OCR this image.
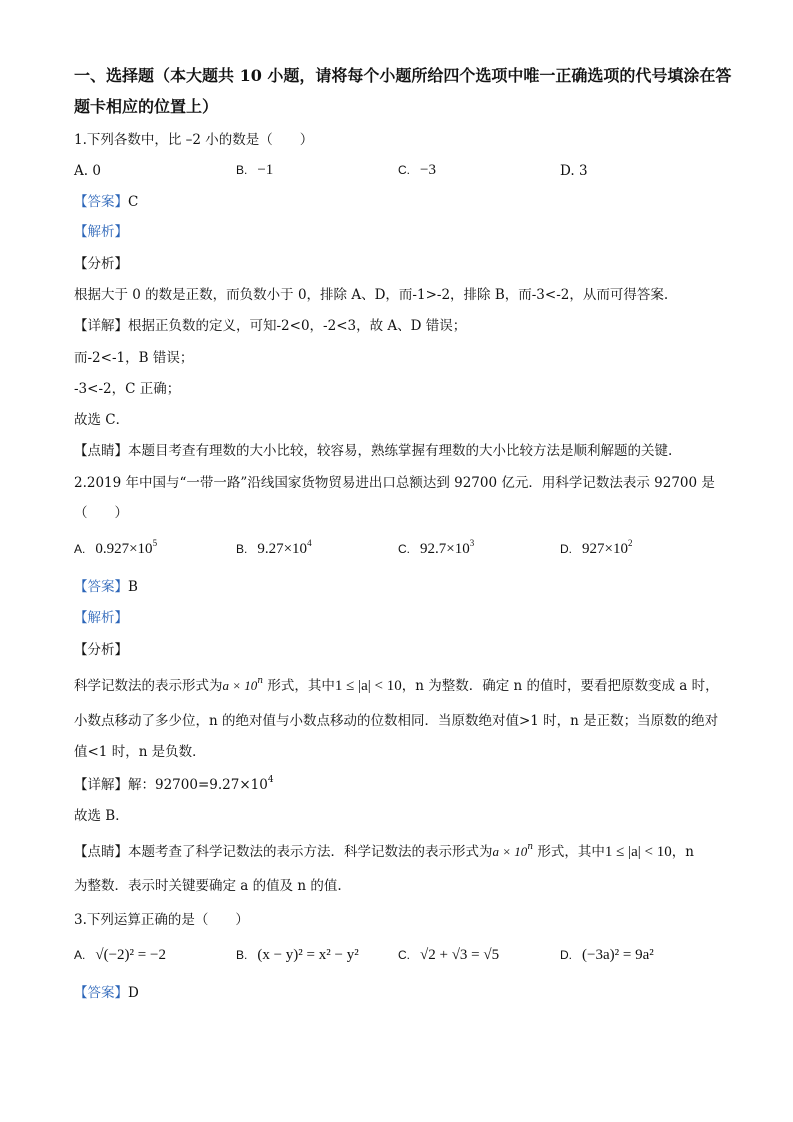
一、选择题（本大题共 10 小题，请将每个小题所给四个选项中唯一正确选项的代号填涂在答
题卡相应的位置上）
1.下列各数中，比 –2 小的数是（　　）
A. 0	B. −1	C. −3	D. 3
【答案】C
【解析】
【分析】
根据大于 0 的数是正数，而负数小于 0，排除 A、D，而-1>-2，排除 B，而-3<-2，从而可得答案.
【详解】根据正负数的定义，可知-2<0，-2<3，故 A、D 错误；
而-2<-1，B 错误；
-3<-2，C 正确；
故选 C．
【点睛】本题目考查有理数的大小比较，较容易，熟练掌握有理数的大小比较方法是顺利解题的关键.
2.2019 年中国与“一带一路”沿线国家货物贸易进出口总额达到 92700 亿元．用科学记数法表示 92700 是
（　　）
A. $0.927\times 10^5$	B. $9.27\times 10^4$	C. $92.7\times 10^3$	D. $927\times 10^2$
【答案】B
【解析】
【分析】
科学记数法的表示形式为$a \times 10^n$ 形式，其中1 ≤ |a| < 10，n 为整数．确定 n 的值时，要看把原数变成 a 时，
小数点移动了多少位，n 的绝对值与小数点移动的位数相同．当原数绝对值>1 时，n 是正数；当原数的绝对
值<1 时，n 是负数．
【详解】解：$92700=9.27\times 10^4$
故选 B．
【点睛】本题考查了科学记数法的表示方法．科学记数法的表示形式为$a \times 10^n$ 形式，其中1 ≤ |a| < 10，n
为整数．表示时关键要确定 a 的值及 n 的值.
3.下列运算正确的是（　　）
A. √(−2)² = −2	B. (x − y)² = x² − y²	C. √2 + √3 = √5	D. (−3a)² = 9a²
【答案】D
